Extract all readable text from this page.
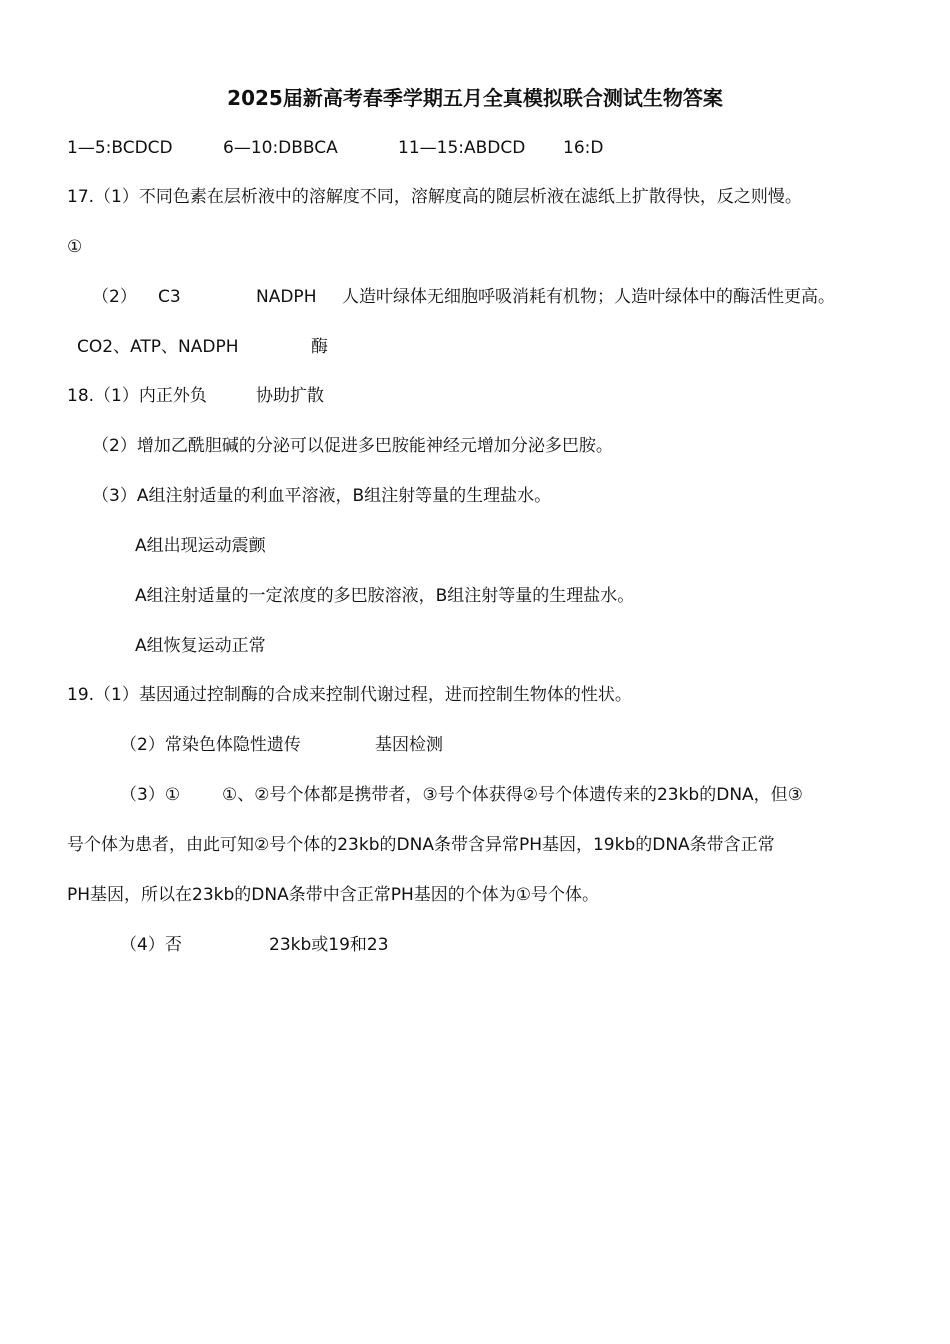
2025届新高考春季学期五月全真模拟联合测试生物答案
1—5:BCDCD	6—10:DBBCA	11—15:ABDCD 16:D
17.（1）不同色素在层析液中的溶解度不同，溶解度高的随层析液在滤纸上扩散得快，反之则慢。
①
（2） C3	NADPH 人造叶绿体无细胞呼吸消耗有机物；人造叶绿体中的酶活性更高。
CO2、ATP、NADPH	酶
18.（1）内正外负	协助扩散
（2）增加乙酰胆碱的分泌可以促进多巴胺能神经元增加分泌多巴胺。
（3）A组注射适量的利血平溶液，B组注射等量的生理盐水。
A组出现运动震颤
A组注射适量的一定浓度的多巴胺溶液，B组注射等量的生理盐水。
A组恢复运动正常
19.（1）基因通过控制酶的合成来控制代谢过程，进而控制生物体的性状。
（2）常染色体隐性遗传	基因检测
（3）① ①、②号个体都是携带者，③号个体获得②号个体遗传来的23kb的DNA，但③
号个体为患者，由此可知②号个体的23kb的DNA条带含异常PH基因，19kb的DNA条带含正常
PH基因，所以在23kb的DNA条带中含正常PH基因的个体为①号个体。
（4）否	23kb或19和23
